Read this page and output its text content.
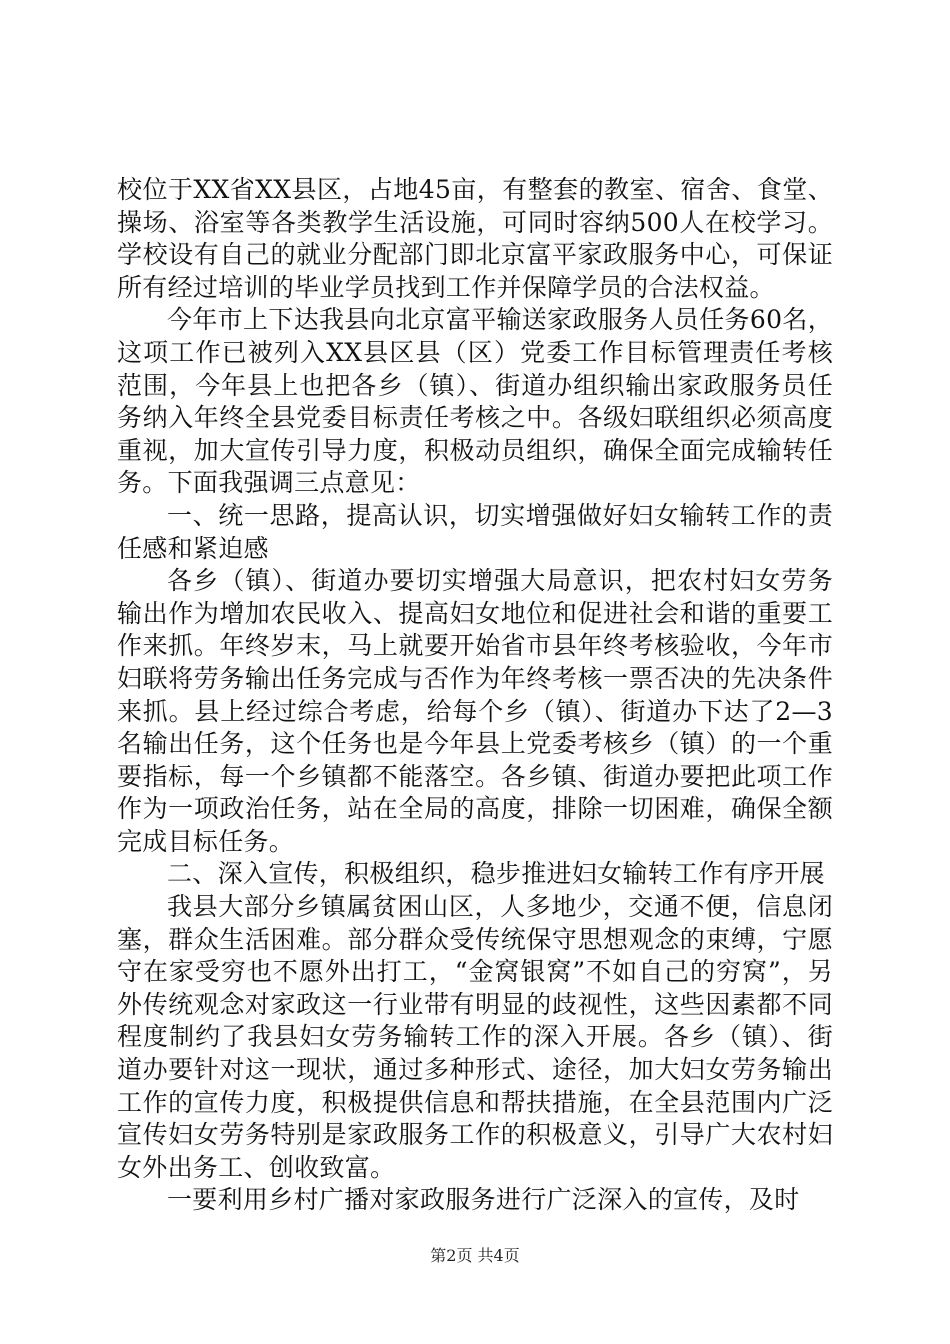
校位于XX省XX县区，占地45亩，有整套的教室、宿舍、食堂、操场、浴室等各类教学生活设施，可同时容纳500人在校学习。学校设有自己的就业分配部门即北京富平家政服务中心，可保证所有经过培训的毕业学员找到工作并保障学员的合法权益。

今年市上下达我县向北京富平输送家政服务人员任务60名，这项工作已被列入XX县区县（区）党委工作目标管理责任考核范围，今年县上也把各乡（镇）、街道办组织输出家政服务员任务纳入年终全县党委目标责任考核之中。各级妇联组织必须高度重视，加大宣传引导力度，积极动员组织，确保全面完成输转任务。下面我强调三点意见：

一、统一思路，提高认识，切实增强做好妇女输转工作的责任感和紧迫感

各乡（镇）、街道办要切实增强大局意识，把农村妇女劳务输出作为增加农民收入、提高妇女地位和促进社会和谐的重要工作来抓。年终岁末，马上就要开始省市县年终考核验收，今年市妇联将劳务输出任务完成与否作为年终考核一票否决的先决条件来抓。县上经过综合考虑，给每个乡（镇）、街道办下达了2—3名输出任务，这个任务也是今年县上党委考核乡（镇）的一个重要指标，每一个乡镇都不能落空。各乡镇、街道办要把此项工作作为一项政治任务，站在全局的高度，排除一切困难，确保全额完成目标任务。

二、深入宣传，积极组织，稳步推进妇女输转工作有序开展

我县大部分乡镇属贫困山区，人多地少，交通不便，信息闭塞，群众生活困难。部分群众受传统保守思想观念的束缚，宁愿守在家受穷也不愿外出打工，“金窝银窝”不如自己的穷窝”，另外传统观念对家政这一行业带有明显的歧视性，这些因素都不同程度制约了我县妇女劳务输转工作的深入开展。各乡（镇）、街道办要针对这一现状，通过多种形式、途径，加大妇女劳务输出工作的宣传力度，积极提供信息和帮扶措施，在全县范围内广泛宣传妇女劳务特别是家政服务工作的积极意义，引导广大农村妇女外出务工、创收致富。

一要利用乡村广播对家政服务进行广泛深入的宣传，及时

第2页 共4页
